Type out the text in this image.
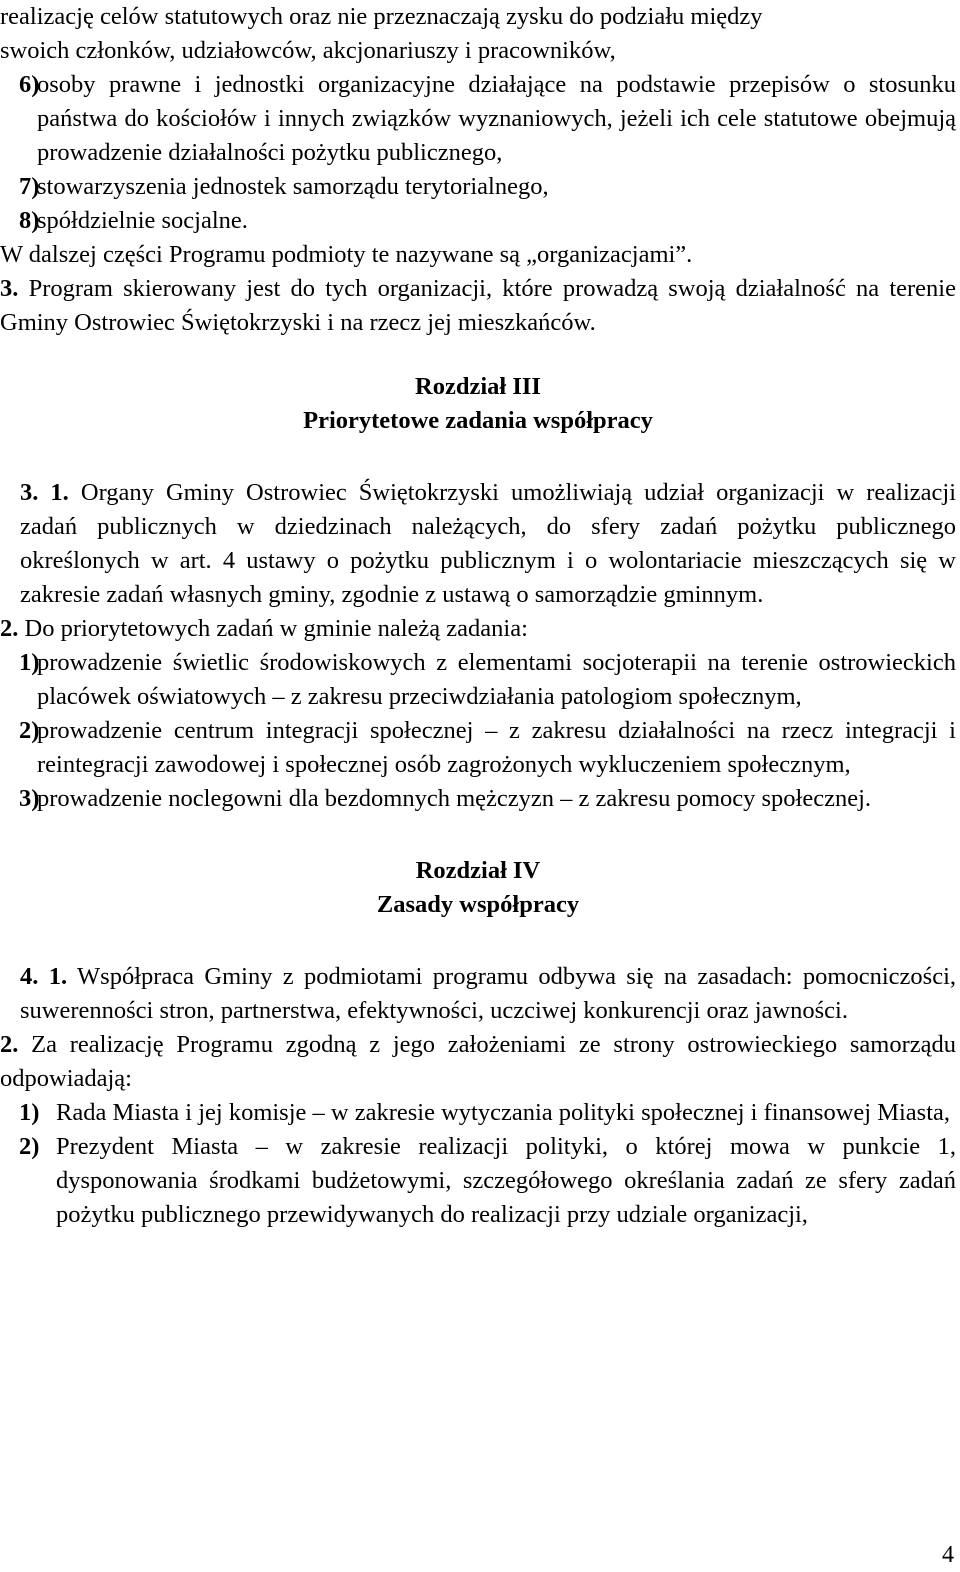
realizację celów statutowych oraz nie przeznaczają zysku do podziału między

swoich członków, udziałowców, akcjonariuszy i pracowników,

6)
osoby prawne i jednostki organizacyjne działające na podstawie przepisów o stosunku państwa do kościołów i innych związków wyznaniowych, jeżeli ich cele statutowe obejmują prowadzenie działalności pożytku publicznego,

7)
stowarzyszenia jednostek samorządu terytorialnego,

8)
spółdzielnie socjalne.

W dalszej części Programu podmioty te nazywane są „organizacjami”.

3. Program skierowany jest do tych organizacji, które prowadzą swoją działalność na terenie Gminy Ostrowiec Świętokrzyski i na rzecz jej mieszkańców.

Rozdział III

Priorytetowe zadania współpracy

3. 1. Organy Gminy Ostrowiec Świętokrzyski umożliwiają udział organizacji w realizacji zadań publicznych w dziedzinach należących, do sfery zadań pożytku publicznego określonych w art. 4 ustawy o pożytku publicznym i o wolontariacie mieszczących się w zakresie zadań własnych gminy, zgodnie z ustawą o samorządzie gminnym.

2. Do priorytetowych zadań w gminie należą zadania:

1)
prowadzenie świetlic środowiskowych z elementami socjoterapii na terenie ostrowieckich placówek oświatowych – z zakresu przeciwdziałania patologiom społecznym,

2)
prowadzenie centrum integracji społecznej – z zakresu działalności na rzecz integracji i reintegracji zawodowej i społecznej osób zagrożonych wykluczeniem społecznym,

3)
prowadzenie noclegowni dla bezdomnych mężczyzn – z zakresu pomocy społecznej.

Rozdział IV

Zasady współpracy

4. 1. Współpraca Gminy z podmiotami programu odbywa się na zasadach: pomocniczości, suwerenności stron, partnerstwa, efektywności, uczciwej konkurencji oraz jawności.

2. Za realizację Programu zgodną z jego założeniami ze strony ostrowieckiego samorządu odpowiadają:

1) Rada Miasta i jej komisje – w zakresie wytyczania polityki społecznej i finansowej Miasta,

2) Prezydent Miasta – w zakresie realizacji polityki, o której mowa w punkcie 1, dysponowania środkami budżetowymi, szczegółowego określania zadań ze sfery zadań pożytku publicznego przewidywanych do realizacji przy udziale organizacji,

4
